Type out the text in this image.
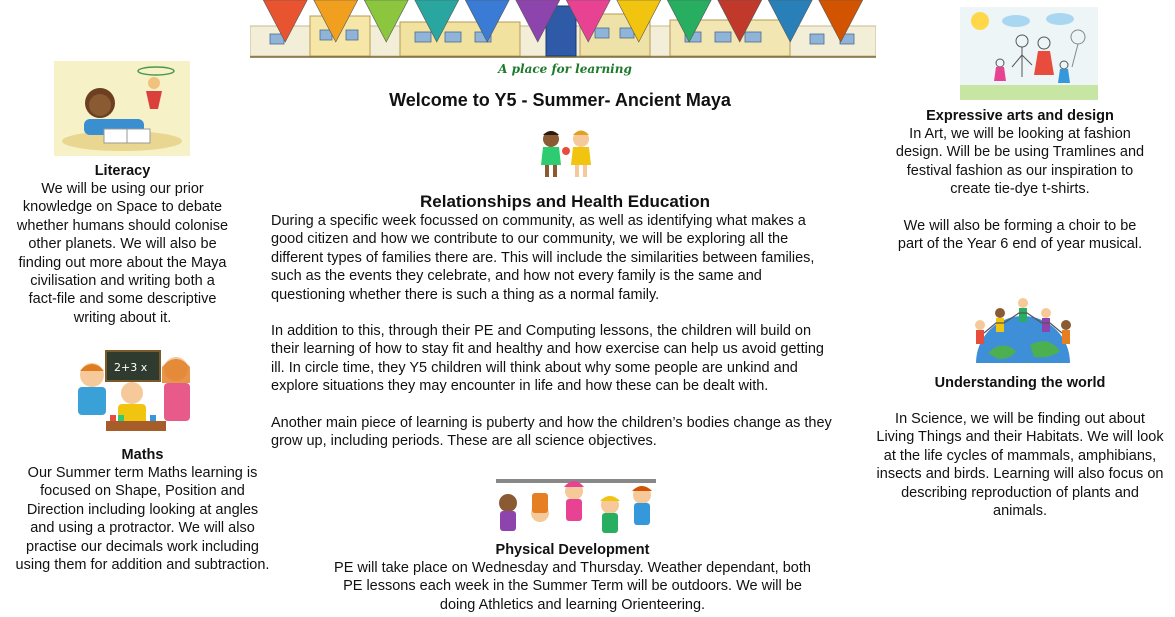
A place for learning
Welcome to Y5 - Summer- Ancient Maya
Literacy

We will be using our prior

knowledge on Space to debate

whether humans should colonise

other planets. We will also be

finding out more about the Maya

civilisation and writing both a

fact-file and some descriptive

writing about it.

2+3 x
Maths

Our Summer term Maths learning is

focused on Shape, Position and

Direction including looking at angles

and using a protractor. We will also

practise our decimals work including

using them for addition and subtraction.

Relationships and Health Education

During a specific week focussed on community, as well as identifying what makes a
good citizen and how we contribute to our community, we will be exploring all the
different types of families there are. This will include the similarities between families,
such as the events they celebrate, and how not every family is the same and
questioning whether there is such a thing as a normal family.

In addition to this, through their PE and Computing lessons, the children will build on
their learning of how to stay fit and healthy and how exercise can help us avoid getting
ill. In circle time, they Y5 children will think about why some people are unkind and
explore situations they may encounter in life and how these can be dealt with.

Another main piece of learning is puberty and how the children’s bodies change as they
grow up, including periods. These are all science objectives.

Physical Development

PE will take place on Wednesday and Thursday. Weather dependant, both

PE lessons each week in the Summer Term will be outdoors. We will be

doing Athletics and learning Orienteering.

Expressive arts and design

In Art, we will be looking at fashion

design. Will be be using Tramlines and

festival fashion as our inspiration to

create tie-dye t-shirts.

We will also be forming a choir to be

part of the Year 6 end of year musical.

Understanding the world

In Science, we will be finding out about

Living Things and their Habitats. We will look

at the life cycles of mammals, amphibians,

insects and birds. Learning will also focus on

describing reproduction of plants and

animals.
